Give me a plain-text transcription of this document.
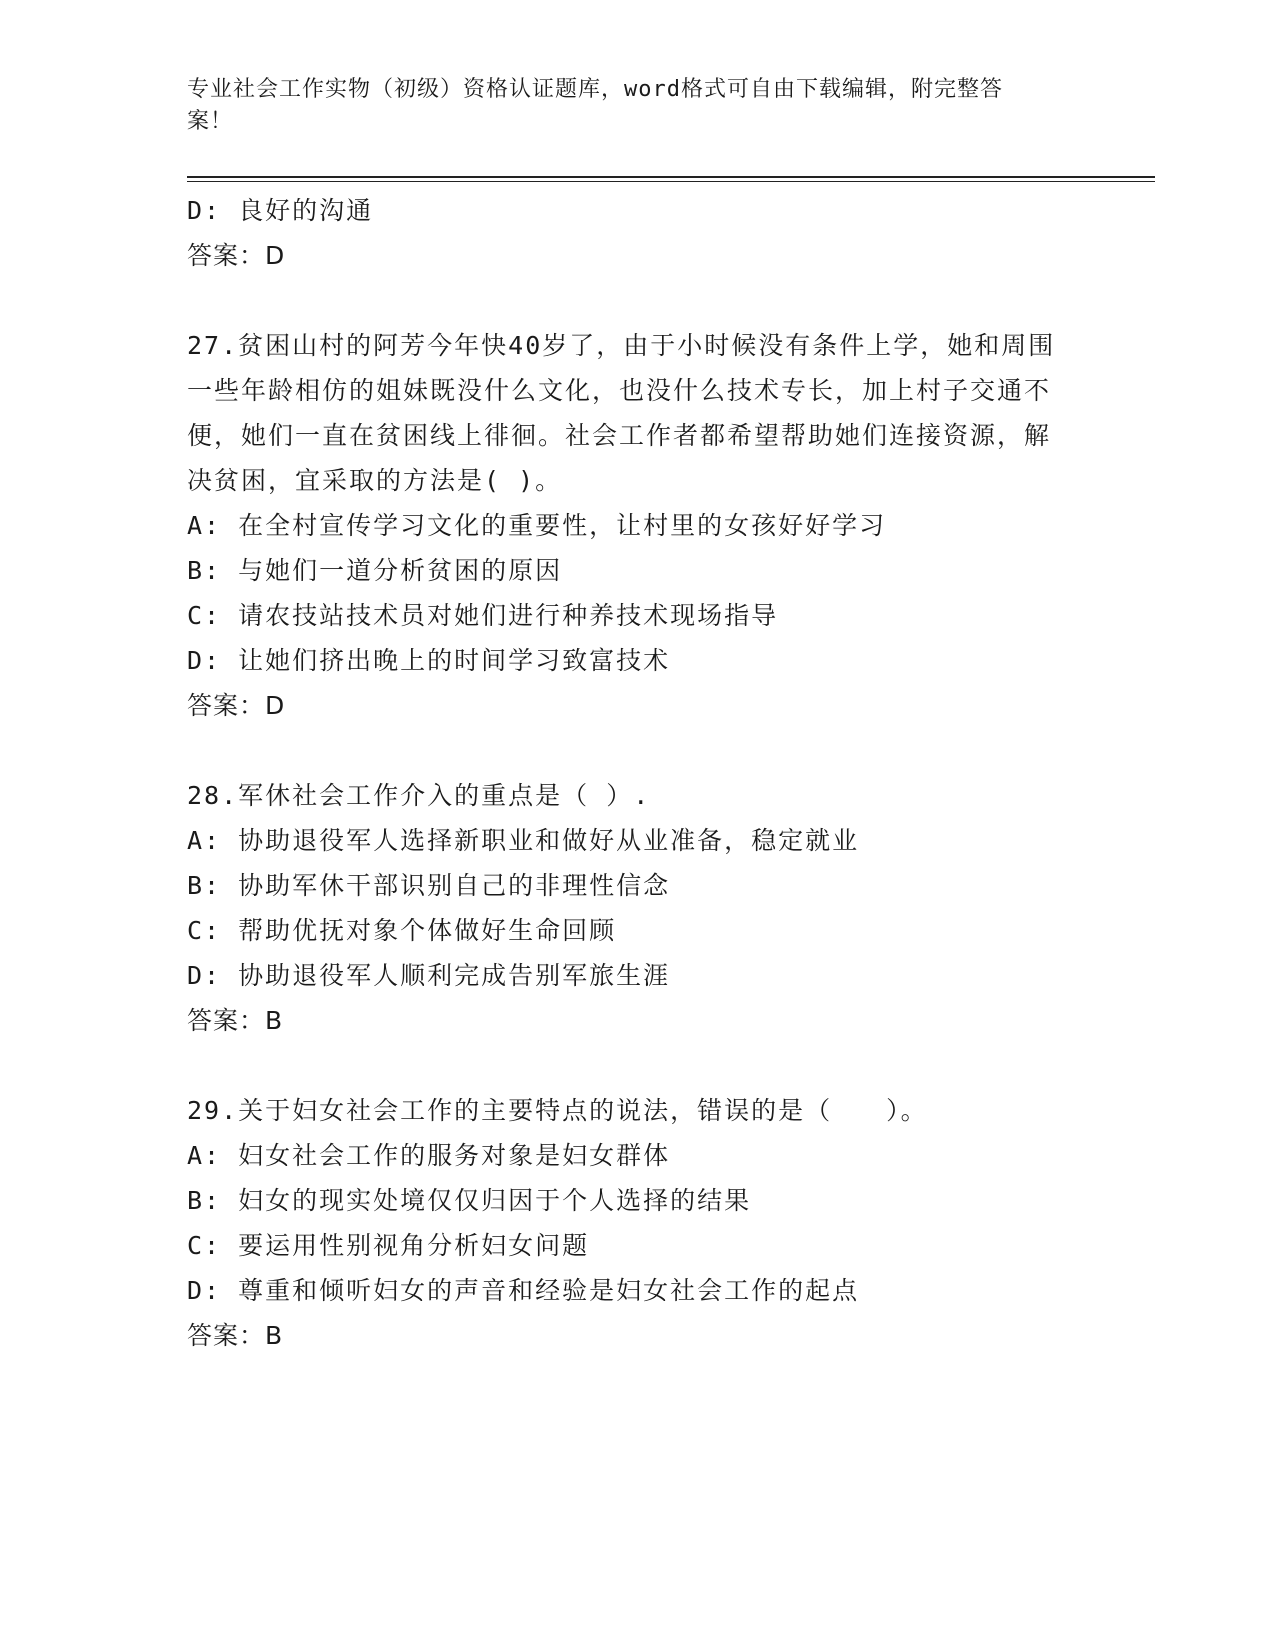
专业社会工作实物（初级）资格认证题库，word格式可自由下载编辑，附完整答案！
D: 良好的沟通
答案：D
27.贫困山村的阿芳今年快40岁了，由于小时候没有条件上学，她和周围一些年龄相仿的姐妹既没什么文化，也没什么技术专长，加上村子交通不便，她们一直在贫困线上徘徊。社会工作者都希望帮助她们连接资源，解决贫困，宜采取的方法是( )。
A: 在全村宣传学习文化的重要性，让村里的女孩好好学习
B: 与她们一道分析贫困的原因
C: 请农技站技术员对她们进行种养技术现场指导
D: 让她们挤出晚上的时间学习致富技术
答案：D
28.军休社会工作介入的重点是（ ）.
A: 协助退役军人选择新职业和做好从业准备，稳定就业
B: 协助军休干部识别自己的非理性信念
C: 帮助优抚对象个体做好生命回顾
D: 协助退役军人顺利完成告别军旅生涯
答案：B
29.关于妇女社会工作的主要特点的说法，错误的是（　　）。
A: 妇女社会工作的服务对象是妇女群体
B: 妇女的现实处境仅仅归因于个人选择的结果
C: 要运用性别视角分析妇女问题
D: 尊重和倾听妇女的声音和经验是妇女社会工作的起点
答案：B
